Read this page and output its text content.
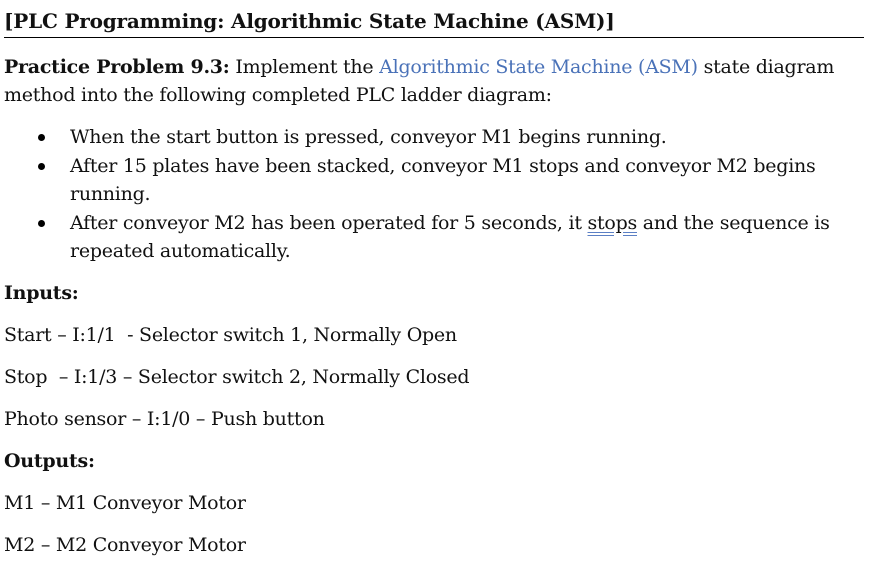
[PLC Programming: Algorithmic State Machine (ASM)]
Practice Problem 9.3: Implement the Algorithmic State Machine (ASM) state diagram method into the following completed PLC ladder diagram:
When the start button is pressed, conveyor M1 begins running.
After 15 plates have been stacked, conveyor M1 stops and conveyor M2 begins running.
After conveyor M2 has been operated for 5 seconds, it stops and the sequence is repeated automatically.
Inputs:
Start – I:1/1  - Selector switch 1, Normally Open
Stop  – I:1/3 – Selector switch 2, Normally Closed
Photo sensor – I:1/0 – Push button
Outputs:
M1 – M1 Conveyor Motor
M2 – M2 Conveyor Motor
